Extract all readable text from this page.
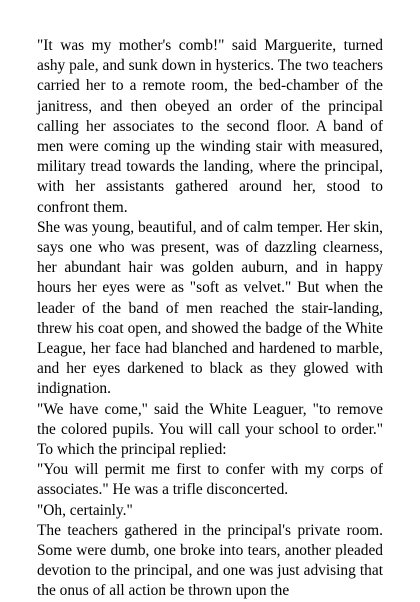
"It was my mother's comb!" said Marguerite, turned ashy pale, and sunk down in hysterics. The two teachers carried her to a remote room, the bed-chamber of the janitress, and then obeyed an order of the principal calling her associates to the second floor. A band of men were coming up the winding stair with measured, military tread towards the landing, where the principal, with her assistants gathered around her, stood to confront them.

She was young, beautiful, and of calm temper. Her skin, says one who was present, was of dazzling clearness, her abundant hair was golden auburn, and in happy hours her eyes were as "soft as velvet." But when the leader of the band of men reached the stair-landing, threw his coat open, and showed the badge of the White League, her face had blanched and hardened to marble, and her eyes darkened to black as they glowed with indignation.

"We have come," said the White Leaguer, "to remove the colored pupils. You will call your school to order." To which the principal replied:

"You will permit me first to confer with my corps of associates." He was a trifle disconcerted.

"Oh, certainly."

The teachers gathered in the principal's private room. Some were dumb, one broke into tears, another pleaded devotion to the principal, and one was just advising that the onus of all action be thrown upon the
